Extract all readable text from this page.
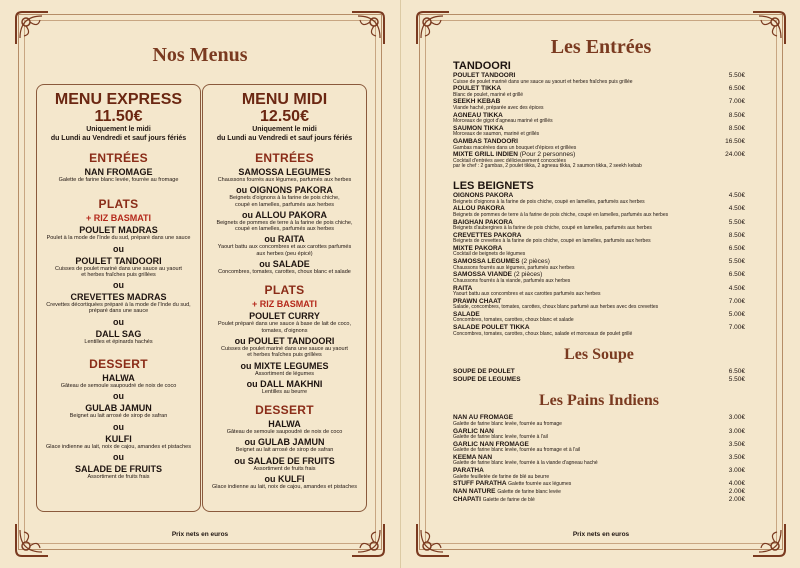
Nos Menus
MENU EXPRESS
11.50€
Uniquement le midi
du Lundi au Vendredi et sauf jours fériés
ENTRÉES
NAN FROMAGE
Galette de farine blanc levée, fourrée au fromage
PLATS
+ RIZ BASMATI
POULET MADRAS
Poulet à la mode de l'Inde du sud, préparé dans une sauce
ou
POULET TANDOORI
Cuisses de poulet mariné dans une sauce au yaourt
et herbes fraîches puis grillées
ou
CREVETTES MADRAS
Crevettes décortiquées préparé à la mode de l'Inde du sud,
préparé dans une sauce
ou
DALL SAG
Lentilles et épinards hachés
DESSERT
HALWA
Gâteau de semoule saupoudré de noix de coco
ou
GULAB JAMUN
Beignet au lait arrosé de sirop de safran
ou
KULFI
Glace indienne au lait, noix de cajou, amandes et pistaches
ou
SALADE DE FRUITS
Assortiment de fruits frais
MENU MIDI
12.50€
Uniquement le midi
du Lundi au Vendredi et sauf jours fériés
ENTRÉES
SAMOSSA LEGUMES
Chaussons fourrés aux légumes, parfumés aux herbes
ou OIGNONS PAKORA
Beignets d'oignons à la farine de pois chiche,
coupé en lamelles, parfumés aux herbes
ou ALLOU PAKORA
Beignets de pommes de terre à la farine de pois chiche,
coupé en lamelles, parfumés aux herbes
ou RAITA
Yaourt battu aux concombres et aux carottes parfumés
aux herbes (peu épicé)
ou SALADE
Concombres, tomates, carottes, choux blanc et salade
PLATS
+ RIZ BASMATI
POULET CURRY
Poulet préparé dans une sauce à base de lait de coco,
tomates, d'oignons
ou POULET TANDOORI
Cuisses de poulet mariné dans une sauce au yaourt
et herbes fraîches puis grillées
ou MIXTE LEGUMES
Assortiment de légumes
ou DALL MAKHNI
Lentilles au beurre
DESSERT
HALWA
Gâteau de semoule saupoudré de noix de coco
ou GULAB JAMUN
Beignet au lait arrosé de sirop de safran
ou SALADE DE FRUITS
Assortiment de fruits frais
ou KULFI
Glace indienne au lait, noix de cajou, amandes et pistaches
Prix nets en euros
Les Entrées
TANDOORI
POULET TANDOORI	5.50€
Cuisse de poulet mariné dans une sauce au yaourt et herbes fraîches puis grillée
POULET TIKKA	6.50€
Blanc de poulet, mariné et grillé
SEEKH KEBAB	7.00€
Viande haché, préparée avec des épices
AGNEAU TIKKA	8.50€
Morceaux de gigot d'agneau mariné et grillés
SAUMON TIKKA	8.50€
Morceaux de saumon, mariné et grillés
GAMBAS TANDOORI	16.50€
Gambas macérées dans un bouquet d'épices et grillées
MIXTE GRILL INDIEN (Pour 2 personnes)	24.00€
Cocktail d'entrées avec délicieusement concoctées
par le chef : 2 gambas, 2 poulet tikka, 2 agneau tikka, 2 saumon tikka, 2 seekh kebab
LES BEIGNETS
OIGNONS PAKORA	4.50€
Beignets d'oignons à la farine de pois chiche, coupé en lamelles, parfumés aux herbes
ALLOU PAKORA	4.50€
Beignets de pommes de terre à la farine de pois chiche, coupé en lamelles, parfumés aux herbes
BAIGHAN PAKORA	5.50€
Beignets d'aubergines à la farine de pois chiche, coupé en lamelles, parfumés aux herbes
CREVETTES PAKORA	8.50€
Beignets de crevettes à la farine de pois chiche, coupé en lamelles, parfumés aux herbes
MIXTE PAKORA	6.50€
Cocktail de beignets de légumes
SAMOSSA LEGUMES (2 pièces)	5.50€
Chaussons fourrés aux légumes, parfumés aux herbes
SAMOSSA VIANDE (2 pièces)	6.50€
Chaussons fourrés à la viande, parfumés aux herbes
RAITA	4.50€
Yaourt battu aux concombres et aux carottes parfumés aux herbes
PRAWN CHAAT	7.00€
Salade, concombres, tomates, carottes, choux blanc parfumé aux herbes avec des crevettes
SALADE	5.00€
Concombres, tomates, carottes, choux blanc et salade
SALADE POULET TIKKA	7.00€
Concombres, tomates, carottes, choux blanc, salade et morceaux de poulet grillé
Les Soupe
SOUPE DE POULET	6.50€
SOUPE DE LEGUMES	5.50€
Les Pains Indiens
NAN AU FROMAGE	3.00€
Galette de farine blanc levée, fourrée au fromage
GARLIC NAN	3.00€
Galette de farine blanc levée, fourrée à l'ail
GARLIC NAN FROMAGE	3.50€
Galette de farine blanc levée, fourrée au fromage et à l'ail
KEEMA NAN	3.50€
Galette de farine blanc levée, fourrée à la viande d'agneau haché
PARATHA	3.00€
Galette feuilletée de farine de blé au beurre
STUFF PARATHA Galette fourrée aux légumes	4.00€
NAN NATURE Galette de farine blanc levée	2.00€
CHAPATI Galette de farine de blé	2.00€
Prix nets en euros
